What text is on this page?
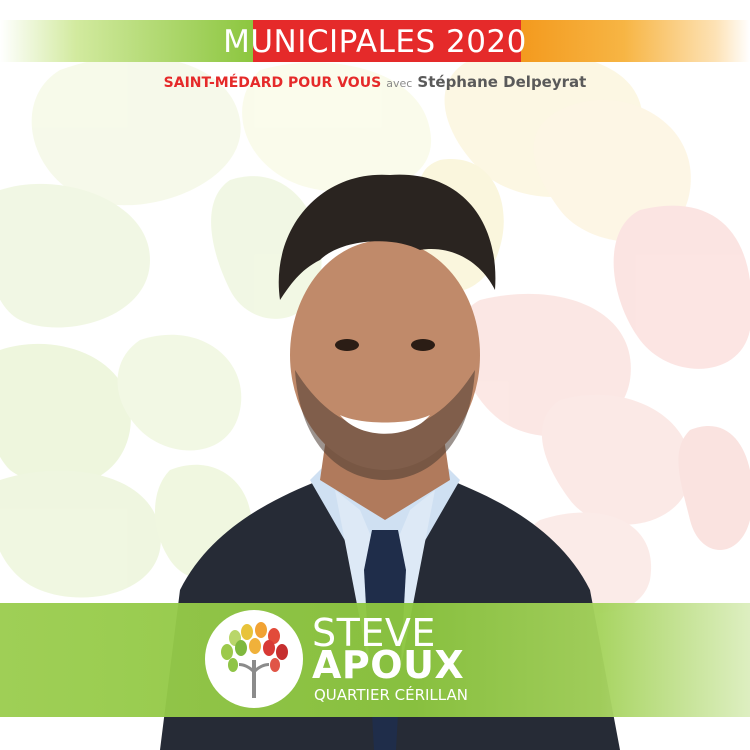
MUNICIPALES 2020
SAINT-MÉDARD POUR VOUS avec Stéphane Delpeyrat
STEVE
APOUX
QUARTIER CÉRILLAN
